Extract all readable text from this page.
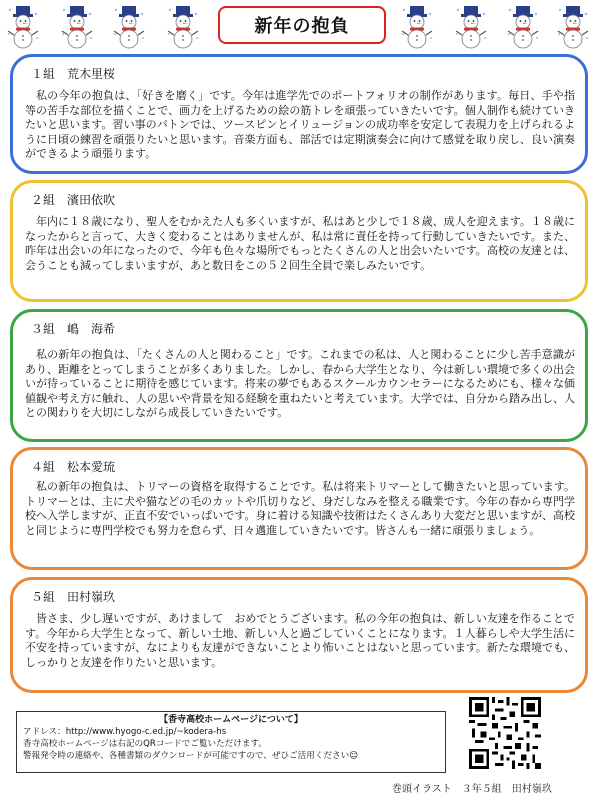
新年の抱負
１組 荒木里桜
私の今年の抱負は、「好きを磨く」です。今年は進学先でのポートフォリオの制作があります。毎日、手や指等の苦手な部位を描くことで、画力を上げるための絵の筋トレを頑張っていきたいです。個人制作も続けていきたいと思います。習い事のバトンでは、ツースピンとイリュージョンの成功率を安定して表現力を上げられるように日頃の練習を頑張りたいと思います。音楽方面も、部活では定期演奏会に向けて感覚を取り戻し、良い演奏ができるよう頑張ります。
２組 濱田依吹
年内に１８歳になり、聖人をむかえた人も多くいますが、私はあと少しで１８歳、成人を迎えます。１８歳になったからと言って、大きく変わることはありませんが、私は常に責任を持って行動していきたいです。また、昨年は出会いの年になったので、今年も色々な場所でもっとたくさんの人と出会いたいです。高校の友達とは、会うことも減ってしまいますが、あと数日をこの５２回生全員で楽しみたいです。
３組 嶋　海希
私の新年の抱負は、「たくさんの人と関わること」です。これまでの私は、人と関わることに少し苦手意識があり、距離をとってしまうことが多くありました。しかし、春から大学生となり、今は新しい環境で多くの出会いが待っていることに期待を感じています。将来の夢でもあるスクールカウンセラーになるためにも、様々な価値観や考え方に触れ、人の思いや背景を知る経験を重ねたいと考えています。大学では、自分から踏み出し、人との関わりを大切にしながら成長していきたいです。
４組 松本愛琉
私の新年の抱負は、トリマーの資格を取得することです。私は将来トリマーとして働きたいと思っています。トリマーとは、主に犬や猫などの毛のカットや爪切りなど、身だしなみを整える職業です。今年の春から専門学校へ入学しますが、正直不安でいっぱいです。身に着ける知識や技術はたくさんあり大変だと思いますが、高校と同じように専門学校でも努力を怠らず、日々邁進していきたいです。皆さんも一緒に頑張りましょう。
５組 田村嶺玖
皆さま、少し遅いですが、あけまして　おめでとうございます。私の今年の抱負は、新しい友達を作ることです。今年から大学生となって、新しい土地、新しい人と過ごしていくことになります。１人暮らしや大学生活に不安を持っていますが、なによりも友達ができないことより怖いことはないと思っています。新たな環境でも、しっかりと友達を作りたいと思います。
【香寺高校ホームページについて】
アドレス：http://www.hyogo-c.ed.jp/~kodera-hs
香寺高校ホームページは右記のQRコードでご覧いただけます。
警報発令時の連絡や、各種書類のダウンロードが可能ですので、ぜひご活用ください☺
巻頭イラスト　３年５組　田村嶺玖
